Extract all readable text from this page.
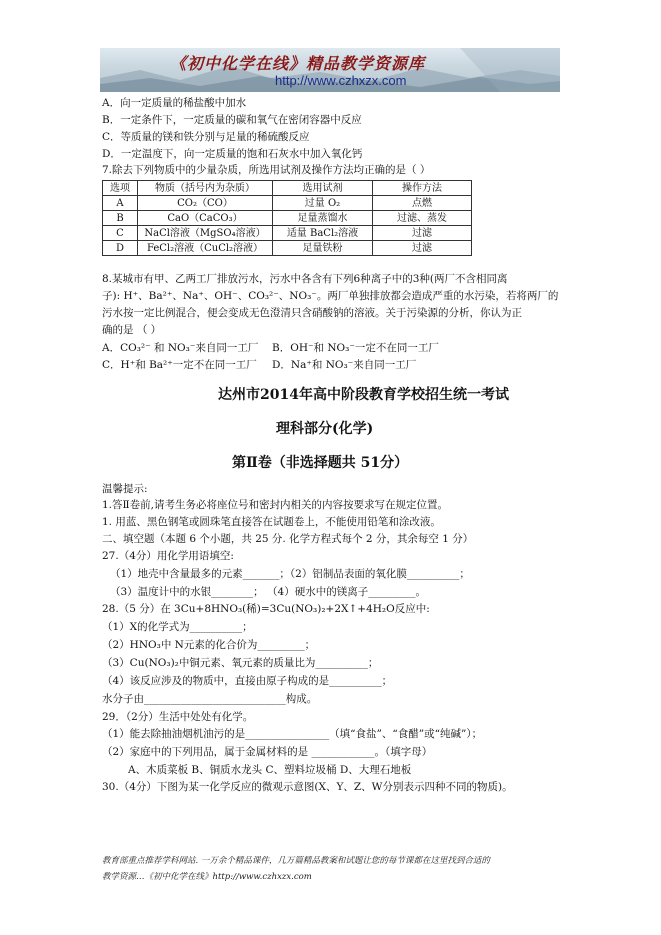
《初中化学在线》精品教学资源库
http://www.czhxzx.com
A．向一定质量的稀盐酸中加水
B．一定条件下，一定质量的碳和氧气在密闭容器中反应
C．等质量的镁和铁分别与足量的稀硫酸反应
D．一定温度下，向一定质量的饱和石灰水中加入氧化钙
7.除去下列物质中的少量杂质，所选用试剂及操作方法均正确的是（ ）
选项	物质（括号内为杂质）	选用试剂	操作方法
A	CO₂（CO）	过量 O₂	点燃
B	CaO（CaCO₃）	足量蒸馏水	过滤、蒸发
C	NaCl溶液（MgSO₄溶液）	适量 BaCl₂溶液	过滤
D	FeCl₂溶液（CuCl₂溶液）	足量铁粉	过滤
8.某城市有甲、乙两工厂排放污水，污水中各含有下列6种离子中的3种(两厂不含相同离
子): H⁺、Ba²⁺、Na⁺、OH⁻、CO₃²⁻、NO₃⁻。两厂单独排放都会造成严重的水污染，若将两厂的
污水按一定比例混合，便会变成无色澄清只含硝酸钠的溶液。关于污染源的分析，你认为正
确的是 （ ）
A．CO₃²⁻ 和 NO₃⁻来自同一工厂 B．OH⁻和 NO₃⁻一定不在同一工厂
C．H⁺和 Ba²⁺一定不在同一工厂 D．Na⁺和 NO₃⁻来自同一工厂
达州市2014年高中阶段教育学校招生统一考试
理科部分(化学)
第Ⅱ卷（非选择题共 51分）
温馨提示:
1.答Ⅱ卷前,请考生务必将座位号和密封内相关的内容按要求写在规定位置。
1. 用蓝、黑色钢笔或圆珠笔直接答在试题卷上，不能使用铅笔和涂改液。
二、填空题（本题 6 个小题，共 25 分. 化学方程式每个 2 分，其余每空 1 分）
27.（4分）用化学用语填空:
（1）地壳中含量最多的元素_______；（2）铝制品表面的氧化膜__________；
（3）温度计中的水银________； （4）硬水中的镁离子_________。
28.（5 分）在 3Cu+8HNO₃(稀)=3Cu(NO₃)₂+2X↑+4H₂O反应中:
（1）X的化学式为__________；
（2）HNO₃中 N元素的化合价为_________；
（3）Cu(NO₃)₂中铜元素、氧元素的质量比为__________；
（4）该反应涉及的物质中，直接由原子构成的是__________；
水分子由___________________________构成。
29．（2分）生活中处处有化学。
（1）能去除抽油烟机油污的是________________（填“食盐”、“食醋”或“纯碱”）；
（2）家庭中的下列用品，属于金属材料的是 ____________。（填字母）
A、木质菜板 B、铜质水龙头 C、塑料垃圾桶 D、大理石地板
30.（4分）下图为某一化学反应的微观示意图(X、Y、Z、W分别表示四种不同的物质)。
教育部重点推荐学科网站. 一万余个精品课件，几万篇精品教案和试题让您的每节课都在这里找到合适的
教学资源…《初中化学在线》http://www.czhxzx.com
